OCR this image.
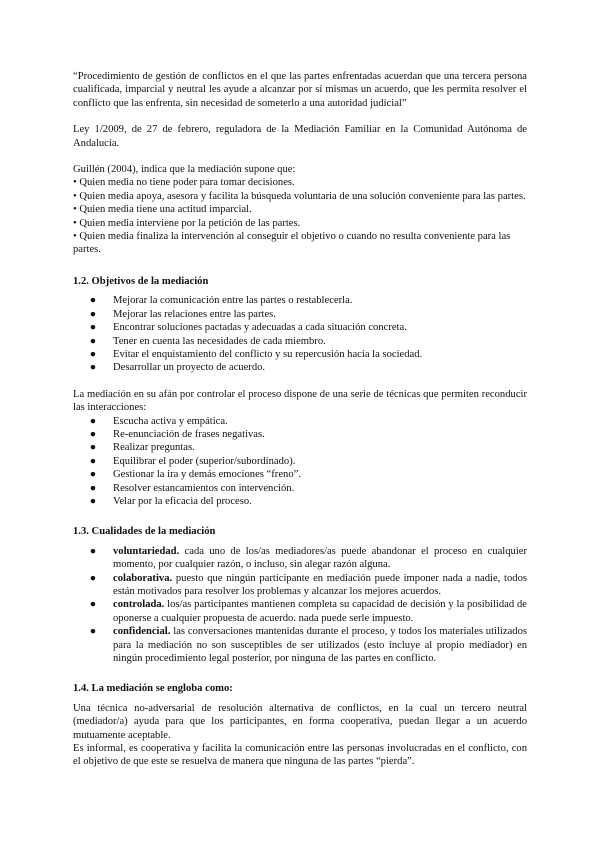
“Procedimiento de gestión de conflictos en el que las partes enfrentadas acuerdan que una tercera persona cualificada, imparcial y neutral les ayude a alcanzar por sí mismas un acuerdo, que les permita resolver el conflicto que las enfrenta, sin necesidad de someterlo a una autoridad judicial”

Ley 1/2009, de 27 de febrero, reguladora de la Mediación Familiar en la Comunidad Autónoma de Andalucía.

Guillén (2004), indica que la mediación supone que:

• Quien media no tiene poder para tomar decisiones.

• Quien media apoya, asesora y facilita la búsqueda voluntaria de una solución conveniente para las partes.

• Quien media tiene una actitud imparcial.

• Quien media interviene por la petición de las partes.

• Quien media finaliza la intervención al conseguir el objetivo o cuando no resulta conveniente para las partes.

1.2. Objetivos de la mediación
●	Mejorar la comunicación entre las partes o restablecerla.
●	Mejorar las relaciones entre las partes.
●	Encontrar soluciones pactadas y adecuadas a cada situación concreta.
●	Tener en cuenta las necesidades de cada miembro.
●	Evitar el enquistamiento del conflicto y su repercusión hacia la sociedad.
●	Desarrollar un proyecto de acuerdo.

La mediación en su afán por controlar el proceso dispone de una serie de técnicas que permiten reconducir las interacciones:

●	Escucha activa y empática.
●	Re-enunciación de frases negativas.
●	Realizar preguntas.
●	Equilibrar el poder (superior/subordinado).
●	Gestionar la ira y demás emociones “freno”.
●	Resolver estancamientos con intervención.
●	Velar por la eficacia del proceso.
1.3. Cualidades de la mediación
●	voluntariedad. cada uno de los/as mediadores/as puede abandonar el proceso en cualquier momento, por cualquier razón, o incluso, sin alegar razón alguna.
●	colaborativa. puesto que ningún participante en mediación puede imponer nada a nadie, todos están motivados para resolver los problemas y alcanzar los mejores acuerdos.
●	controlada. los/as participantes mantienen completa su capacidad de decisión y la posibilidad de oponerse a cualquier propuesta de acuerdo. nada puede serle impuesto.
●	confidencial. las conversaciones mantenidas durante el proceso, y todos los materiales utilizados para la mediación no son susceptibles de ser utilizados (esto incluye al propio mediador) en ningún procedimiento legal posterior, por ninguna de las partes en conflicto.
1.4. La mediación se engloba como:

Una técnica no-adversarial de resolución alternativa de conflictos, en la cual un tercero neutral (mediador/a) ayuda para que los participantes, en forma cooperativa, puedan llegar a un acuerdo mutuamente aceptable.

Es informal, es cooperativa y facilita la comunicación entre las personas involucradas en el conflicto, con el objetivo de que este se resuelva de manera que ninguna de las partes “pierda”.
